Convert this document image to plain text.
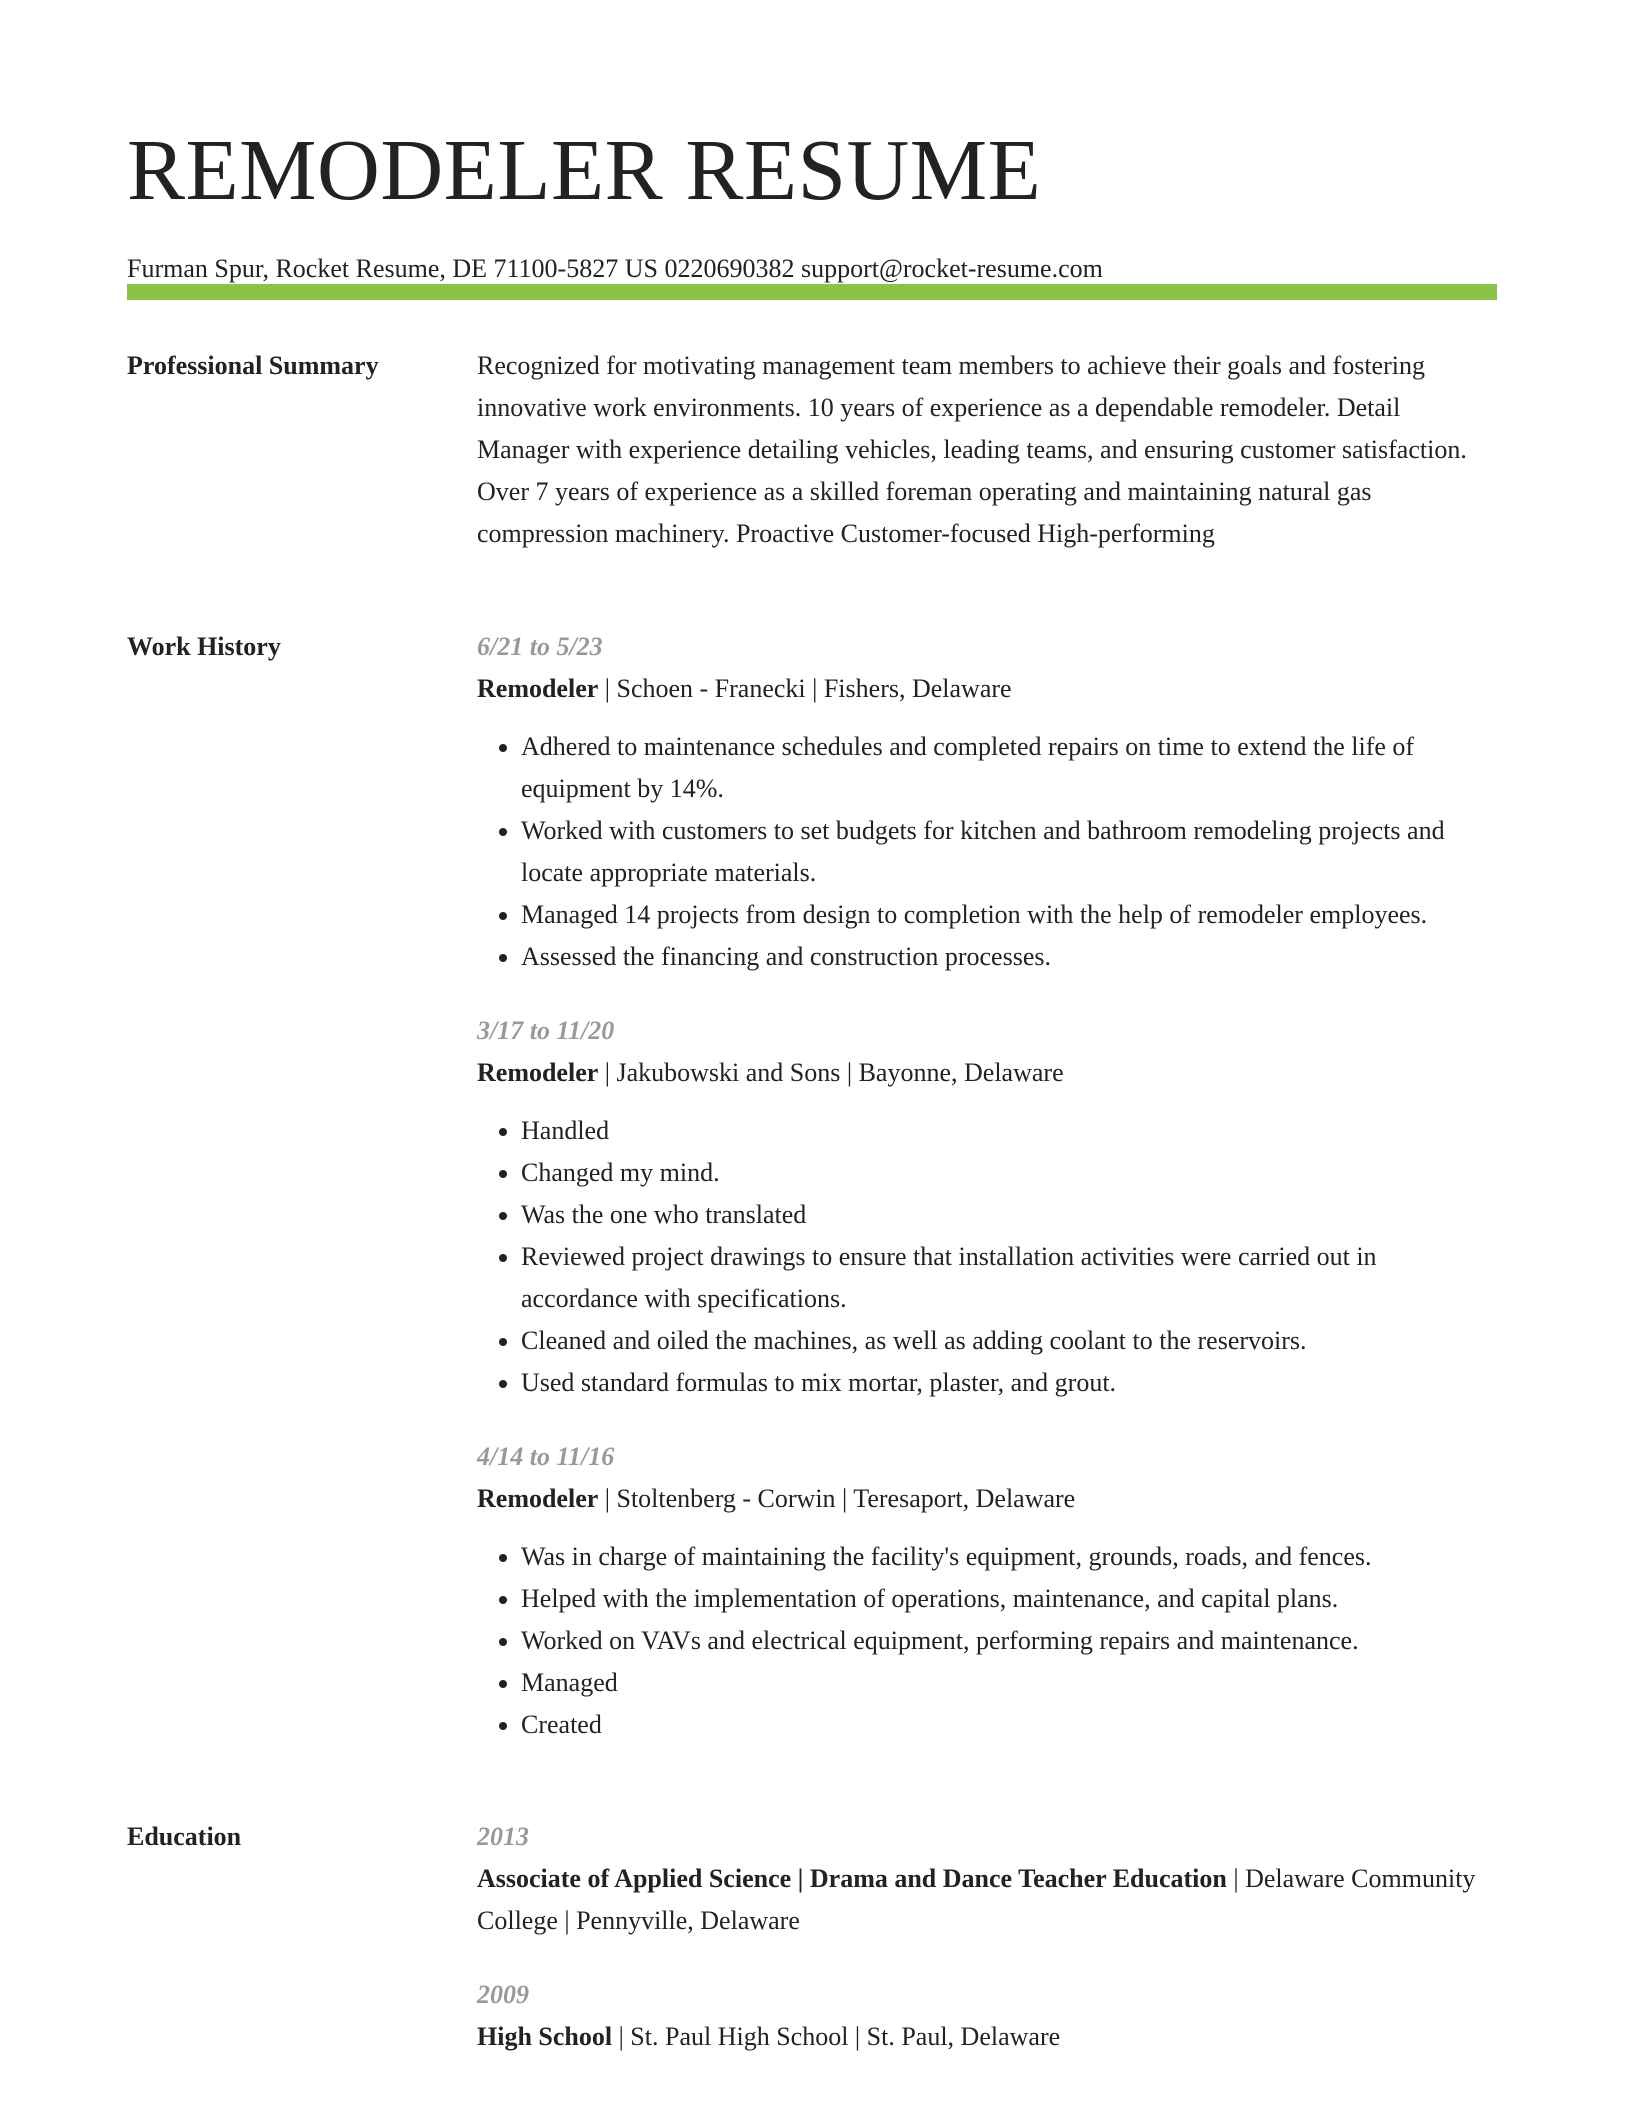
REMODELER RESUME
Furman Spur, Rocket Resume, DE 71100-5827 US 0220690382 support@rocket-resume.com
Professional Summary	Recognized for motivating management team members to achieve their goals and fostering innovative work environments. 10 years of experience as a dependable remodeler. Detail Manager with experience detailing vehicles, leading teams, and ensuring customer satisfaction. Over 7 years of experience as a skilled foreman operating and maintaining natural gas compression machinery. Proactive Customer-focused High-performing

Work History	6/21 to 5/23
Remodeler | Schoen - Franecki | Fishers, Delaware
• Adhered to maintenance schedules and completed repairs on time to extend the life of equipment by 14%.
• Worked with customers to set budgets for kitchen and bathroom remodeling projects and locate appropriate materials.
• Managed 14 projects from design to completion with the help of remodeler employees.
• Assessed the financing and construction processes.
3/17 to 11/20
Remodeler | Jakubowski and Sons | Bayonne, Delaware
• Handled
• Changed my mind.
• Was the one who translated
• Reviewed project drawings to ensure that installation activities were carried out in accordance with specifications.
• Cleaned and oiled the machines, as well as adding coolant to the reservoirs.
• Used standard formulas to mix mortar, plaster, and grout.
4/14 to 11/16
Remodeler | Stoltenberg - Corwin | Teresaport, Delaware
• Was in charge of maintaining the facility's equipment, grounds, roads, and fences.
• Helped with the implementation of operations, maintenance, and capital plans.
• Worked on VAVs and electrical equipment, performing repairs and maintenance.
• Managed
• Created
Education	2013
Associate of Applied Science | Drama and Dance Teacher Education | Delaware Community College | Pennyville, Delaware
2009
High School | St. Paul High School | St. Paul, Delaware
